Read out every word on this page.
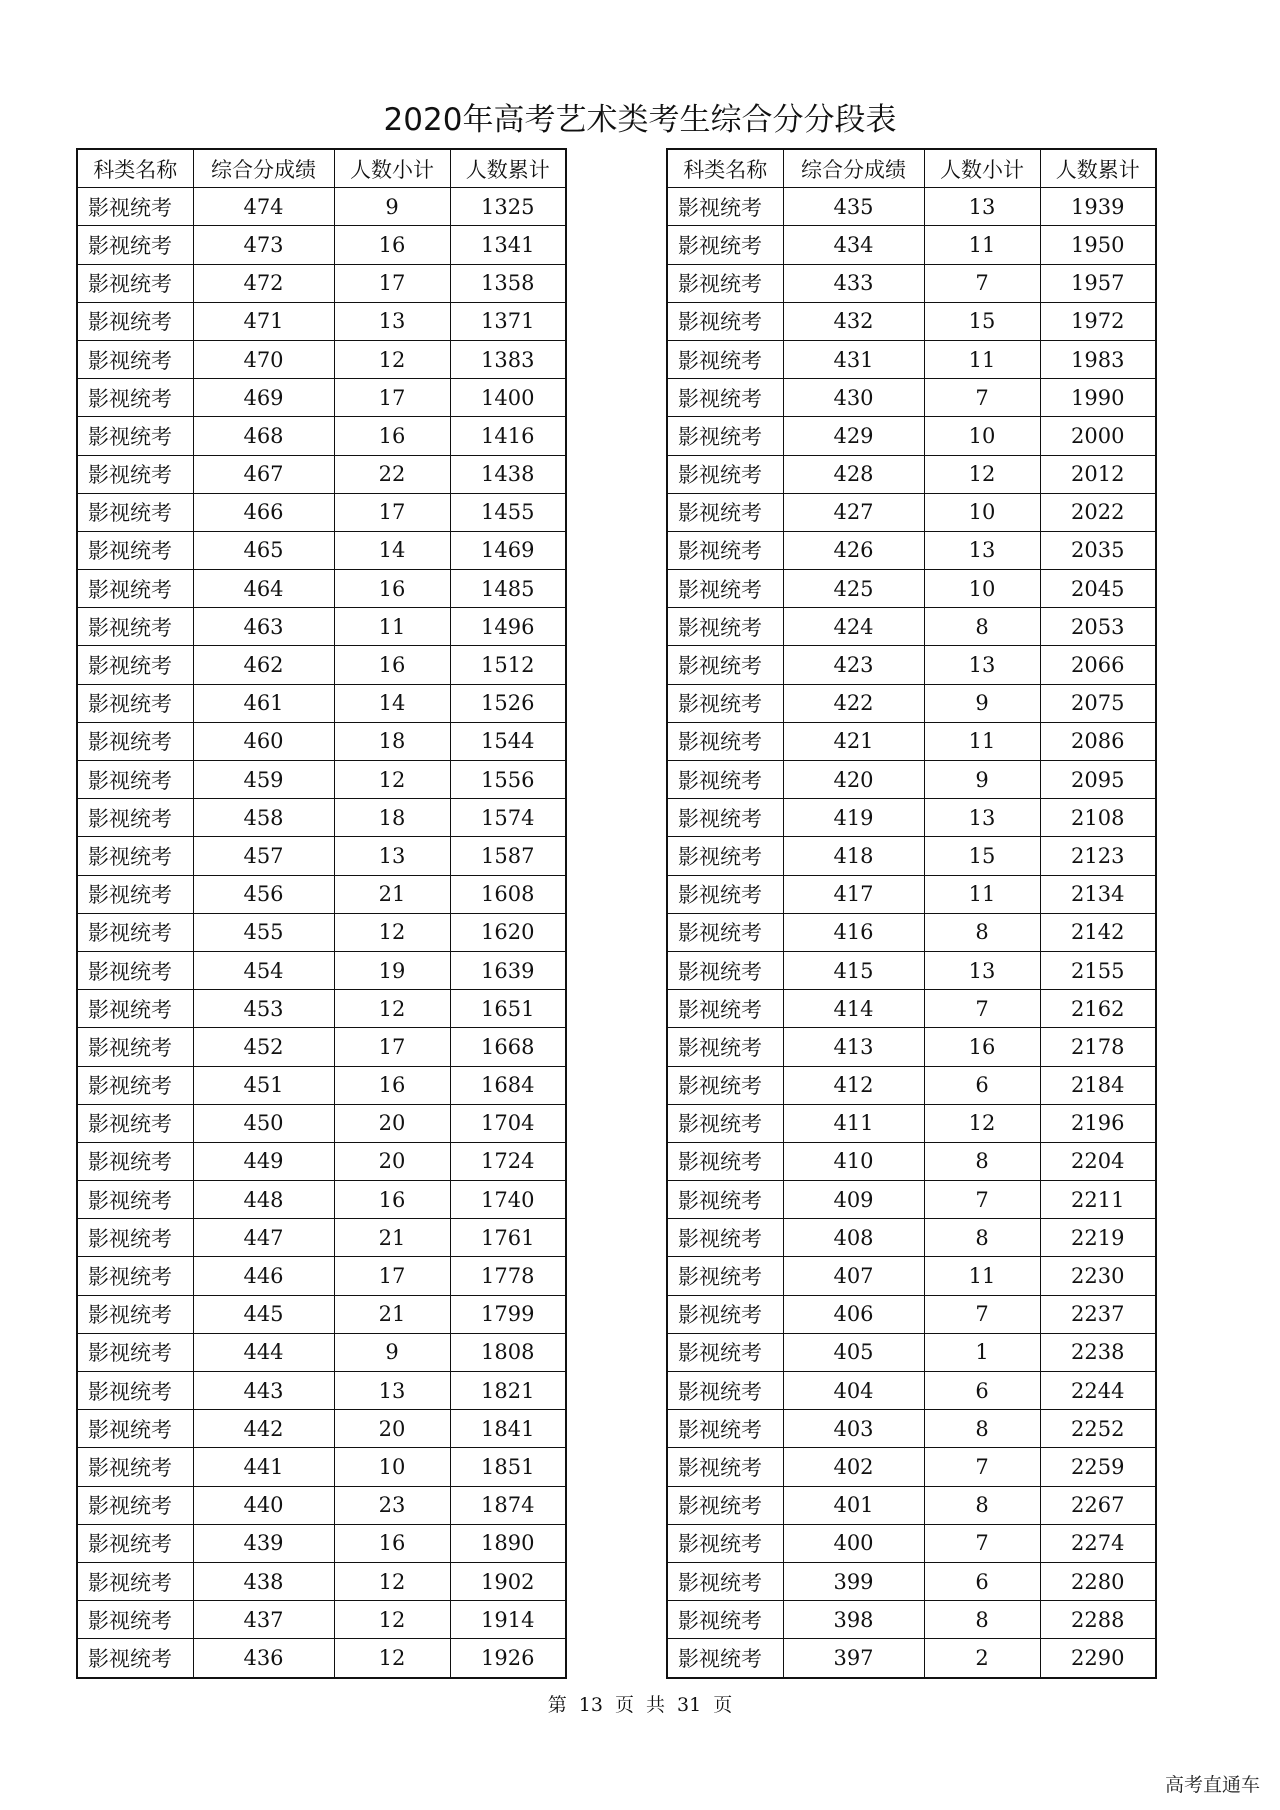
2020年高考艺术类考生综合分分段表
科类名称	综合分成绩	人数小计	人数累计
影视统考	474	9	1325
影视统考	473	16	1341
影视统考	472	17	1358
影视统考	471	13	1371
影视统考	470	12	1383
影视统考	469	17	1400
影视统考	468	16	1416
影视统考	467	22	1438
影视统考	466	17	1455
影视统考	465	14	1469
影视统考	464	16	1485
影视统考	463	11	1496
影视统考	462	16	1512
影视统考	461	14	1526
影视统考	460	18	1544
影视统考	459	12	1556
影视统考	458	18	1574
影视统考	457	13	1587
影视统考	456	21	1608
影视统考	455	12	1620
影视统考	454	19	1639
影视统考	453	12	1651
影视统考	452	17	1668
影视统考	451	16	1684
影视统考	450	20	1704
影视统考	449	20	1724
影视统考	448	16	1740
影视统考	447	21	1761
影视统考	446	17	1778
影视统考	445	21	1799
影视统考	444	9	1808
影视统考	443	13	1821
影视统考	442	20	1841
影视统考	441	10	1851
影视统考	440	23	1874
影视统考	439	16	1890
影视统考	438	12	1902
影视统考	437	12	1914
影视统考	436	12	1926
科类名称	综合分成绩	人数小计	人数累计
影视统考	435	13	1939
影视统考	434	11	1950
影视统考	433	7	1957
影视统考	432	15	1972
影视统考	431	11	1983
影视统考	430	7	1990
影视统考	429	10	2000
影视统考	428	12	2012
影视统考	427	10	2022
影视统考	426	13	2035
影视统考	425	10	2045
影视统考	424	8	2053
影视统考	423	13	2066
影视统考	422	9	2075
影视统考	421	11	2086
影视统考	420	9	2095
影视统考	419	13	2108
影视统考	418	15	2123
影视统考	417	11	2134
影视统考	416	8	2142
影视统考	415	13	2155
影视统考	414	7	2162
影视统考	413	16	2178
影视统考	412	6	2184
影视统考	411	12	2196
影视统考	410	8	2204
影视统考	409	7	2211
影视统考	408	8	2219
影视统考	407	11	2230
影视统考	406	7	2237
影视统考	405	1	2238
影视统考	404	6	2244
影视统考	403	8	2252
影视统考	402	7	2259
影视统考	401	8	2267
影视统考	400	7	2274
影视统考	399	6	2280
影视统考	398	8	2288
影视统考	397	2	2290
第 13 页 共 31 页
高考直通车
